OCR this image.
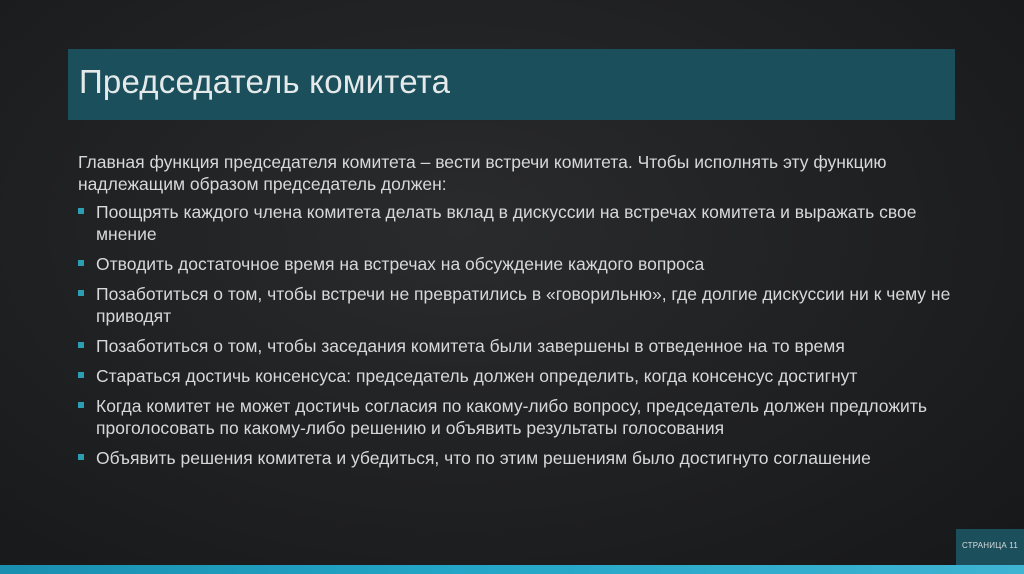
Председатель комитета

Главная функция председателя комитета – вести встречи комитета. Чтобы исполнять эту функцию надлежащим образом председатель должен:

Поощрять каждого члена комитета делать вклад в дискуссии на встречах комитета и выражать свое мнение
Отводить достаточное время на встречах на обсуждение каждого вопроса
Позаботиться о том, чтобы встречи не превратились в «говорильню», где долгие дискуссии ни к чему не приводят
Позаботиться о том, чтобы заседания комитета были завершены в отведенное на то время
Стараться достичь консенсуса: председатель должен определить, когда консенсус достигнут
Когда комитет не может достичь согласия по какому-либо вопросу, председатель должен предложить проголосовать по какому-либо решению и объявить результаты голосования
Объявить решения комитета и убедиться, что по этим решениям было достигнуто соглашение
СТРАНИЦА 11
